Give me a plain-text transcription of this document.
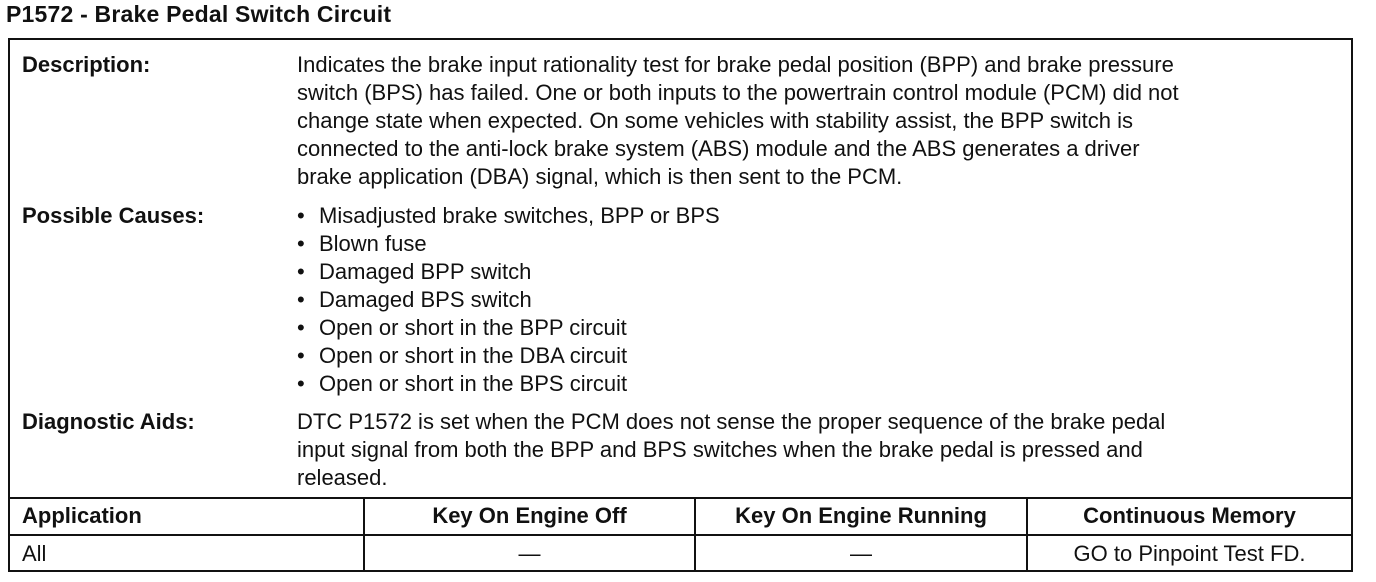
P1572 - Brake Pedal Switch Circuit
Description:	Indicates the brake input rationality test for brake pedal position (BPP) and brake pressure
switch (BPS) has failed. One or both inputs to the powertrain control module (PCM) did not
change state when expected. On some vehicles with stability assist, the BPP switch is
connected to the anti-lock brake system (ABS) module and the ABS generates a driver
brake application (DBA) signal, which is then sent to the PCM.
Possible Causes:
•	Misadjusted brake switches, BPP or BPS
• Blown fuse
• Damaged BPP switch
• Damaged BPS switch
• Open or short in the BPP circuit
• Open or short in the DBA circuit
• Open or short in the BPS circuit
Diagnostic Aids:	DTC P1572 is set when the PCM does not sense the proper sequence of the brake pedal
input signal from both the BPP and BPS switches when the brake pedal is pressed and
released.
Application	Key On Engine Off	Key On Engine Running	Continuous Memory
All	—	—	GO to Pinpoint Test FD.
